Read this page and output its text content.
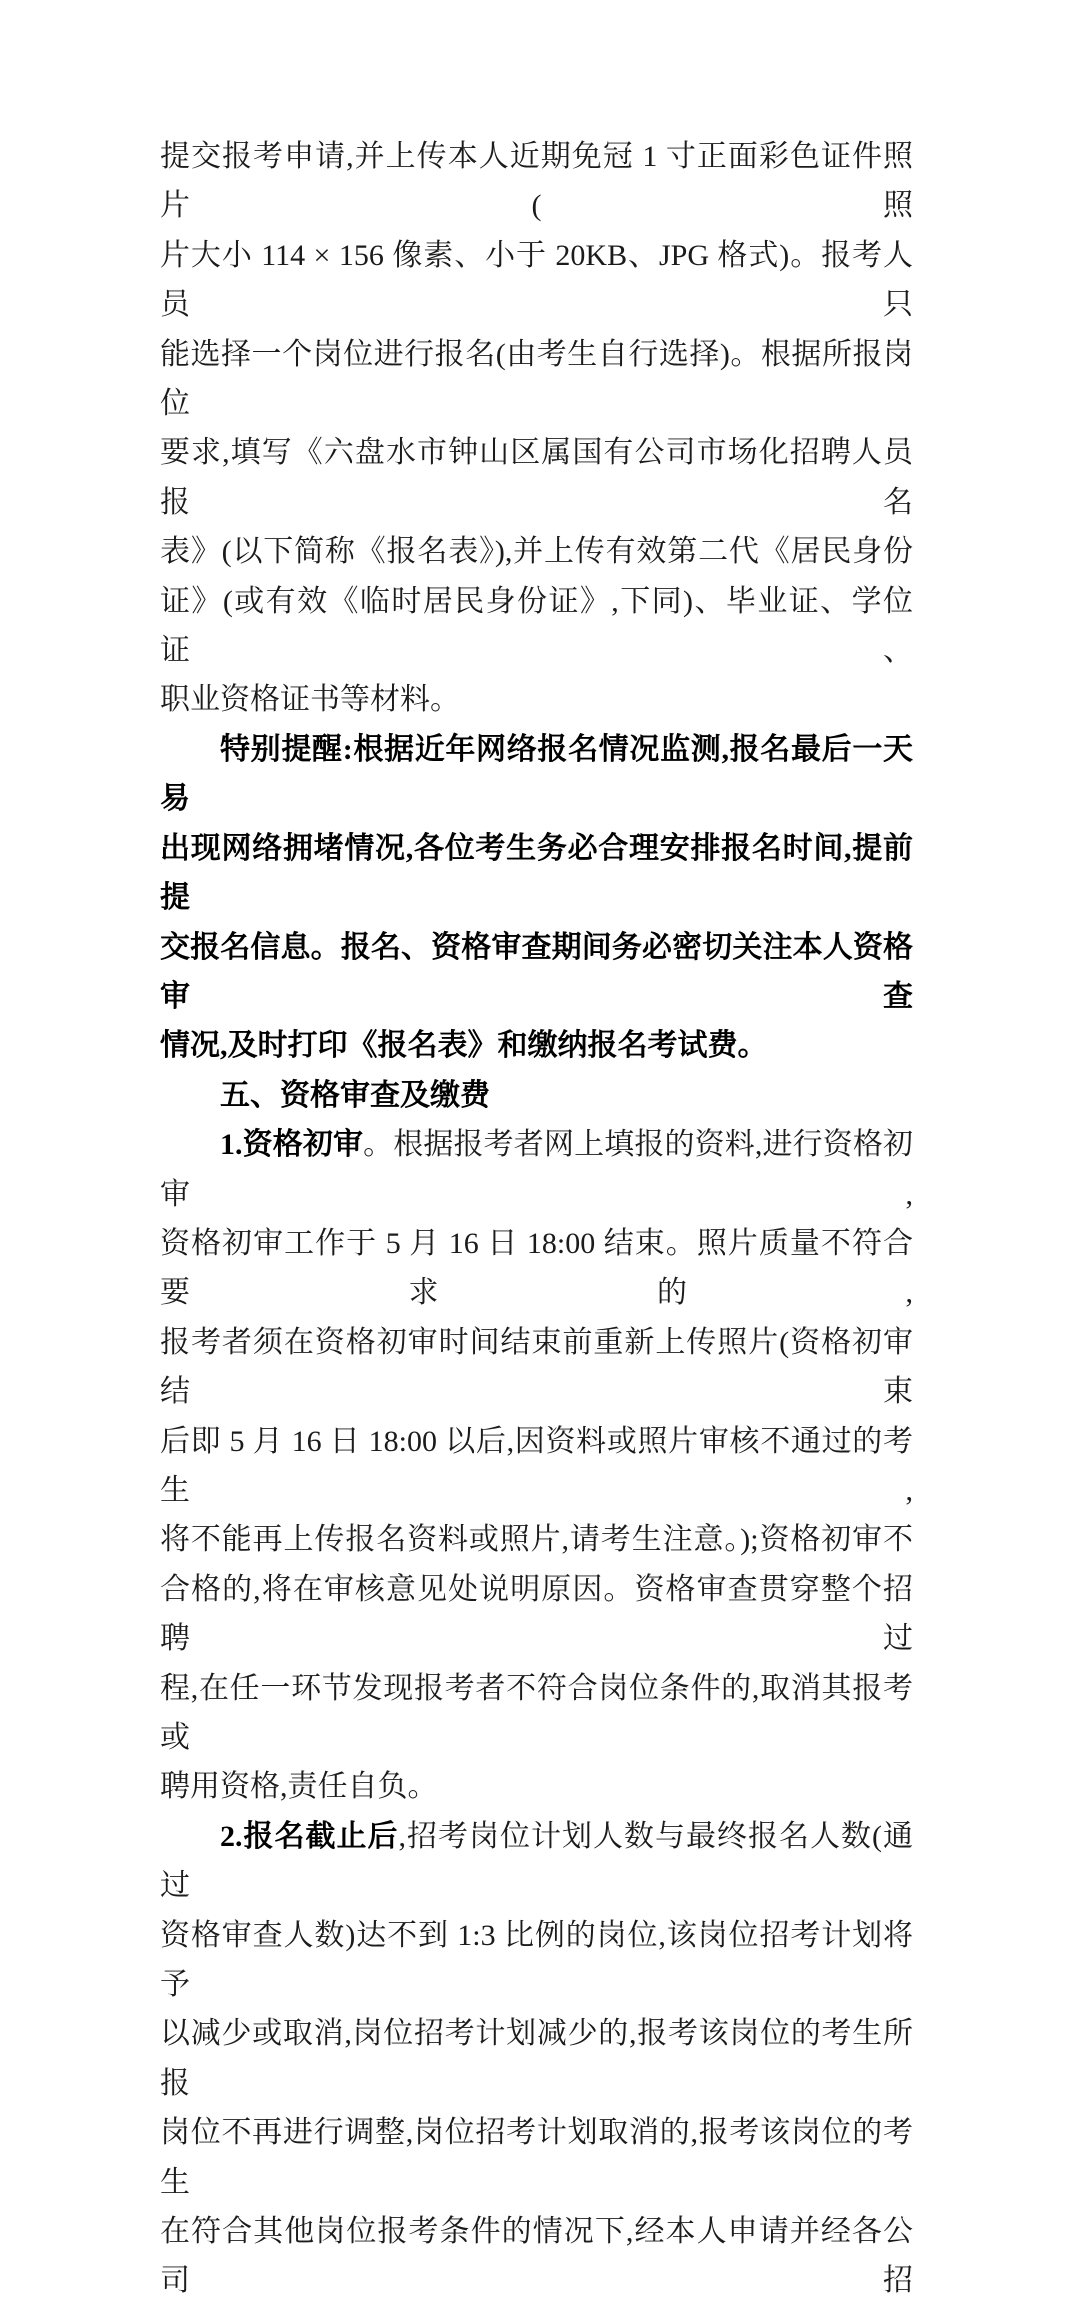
提交报考申请,并上传本人近期免冠 1 寸正面彩色证件照片(照
片大小 114 × 156 像素、小于 20KB、JPG 格式)。报考人员只
能选择一个岗位进行报名(由考生自行选择)。根据所报岗位
要求,填写《六盘水市钟山区属国有公司市场化招聘人员报名
表》(以下简称《报名表》),并上传有效第二代《居民身份
证》(或有效《临时居民身份证》,下同)、毕业证、学位证、
职业资格证书等材料。
特别提醒:根据近年网络报名情况监测,报名最后一天易
出现网络拥堵情况,各位考生务必合理安排报名时间,提前提
交报名信息。报名、资格审查期间务必密切关注本人资格审查
情况,及时打印《报名表》和缴纳报名考试费。
五、资格审查及缴费
1.资格初审。根据报考者网上填报的资料,进行资格初审,
资格初审工作于 5 月 16 日 18:00 结束。照片质量不符合要求的,
报考者须在资格初审时间结束前重新上传照片(资格初审结束
后即 5 月 16 日 18:00 以后,因资料或照片审核不通过的考生,
将不能再上传报名资料或照片,请考生注意。);资格初审不
合格的,将在审核意见处说明原因。资格审查贯穿整个招聘过
程,在任一环节发现报考者不符合岗位条件的,取消其报考或
聘用资格,责任自负。
2.报名截止后,招考岗位计划人数与最终报名人数(通过
资格审查人数)达不到 1:3 比例的岗位,该岗位招考计划将予
以减少或取消,岗位招考计划减少的,报考该岗位的考生所报
岗位不再进行调整,岗位招考计划取消的,报考该岗位的考生
在符合其他岗位报考条件的情况下,经本人申请并经各公司招
